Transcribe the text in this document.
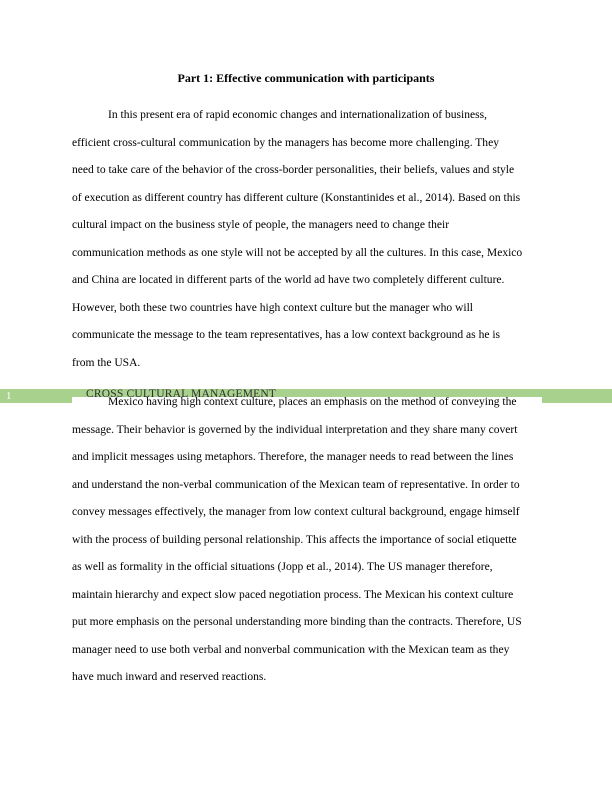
Part 1: Effective communication with participants
In this present era of rapid economic changes and internationalization of business,
efficient cross-cultural communication by the managers has become more challenging. They
need to take care of the behavior of the cross-border personalities, their beliefs, values and style
of execution as different country has different culture (Konstantinides et al., 2014). Based on this
cultural impact on the business style of people, the managers need to change their
communication methods as one style will not be accepted by all the cultures. In this case, Mexico
and China are located in different parts of the world ad have two completely different culture.
However, both these two countries have high context culture but the manager who will
communicate the message to the team representatives, has a low context background as he is
from the USA.
CROSS CULTURAL MANAGEMENT
1	Mexico having high context culture, places an emphasis on the method of conveying the
message. Their behavior is governed by the individual interpretation and they share many covert
and implicit messages using metaphors. Therefore, the manager needs to read between the lines
and understand the non-verbal communication of the Mexican team of representative. In order to
convey messages effectively, the manager from low context cultural background, engage himself
with the process of building personal relationship. This affects the importance of social etiquette
as well as formality in the official situations (Jopp et al., 2014). The US manager therefore,
maintain hierarchy and expect slow paced negotiation process. The Mexican his context culture
put more emphasis on the personal understanding more binding than the contracts. Therefore, US
manager need to use both verbal and nonverbal communication with the Mexican team as they
have much inward and reserved reactions.
